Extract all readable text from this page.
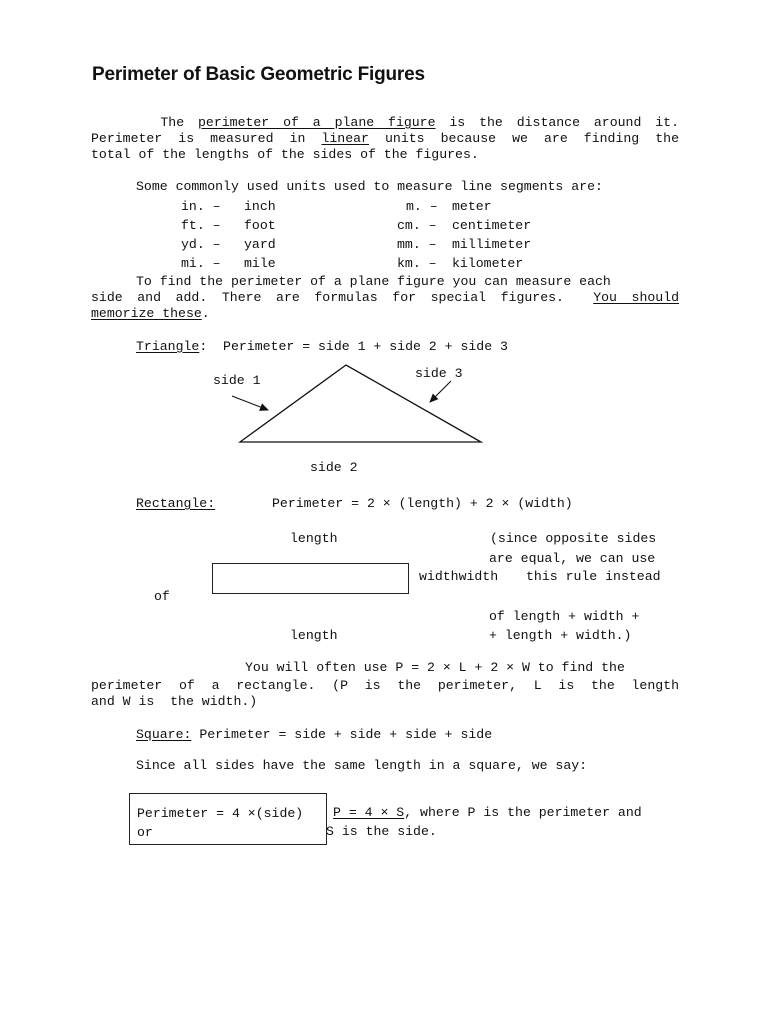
Perimeter of Basic Geometric Figures
The perimeter of a plane figure is the distance around it.
Perimeter is measured in linear units because we are finding the
total of the lengths of the sides of the figures.
Some commonly used units used to measure line segments are:
in. – inch
ft. – foot
yd. – yard
mi. – mile
m. – meter
cm. – centimeter
mm. – millimeter
km. – kilometer
To find the perimeter of a plane figure you can measure each
side and add. There are formulas for special figures. You should
memorize these.
Triangle:  Perimeter = side 1 + side 2 + side 3
side 1	side 3
side 2
Rectangle:	Perimeter = 2 × (length) + 2 × (width)
length
widthwidth
of
length
(since opposite sides
are equal, we can use
this rule instead
of length + width +
+ length + width.)
You will often use P = 2 × L + 2 × W to find the
perimeter of a rectangle. (P is the perimeter, L is the length
and W is  the width.)
Square: Perimeter = side + side + side + side
Since all sides have the same length in a square, we say:
Perimeter = 4 ×(side)
or
P = 4 × S, where P is the perimeter and
S is the side.
